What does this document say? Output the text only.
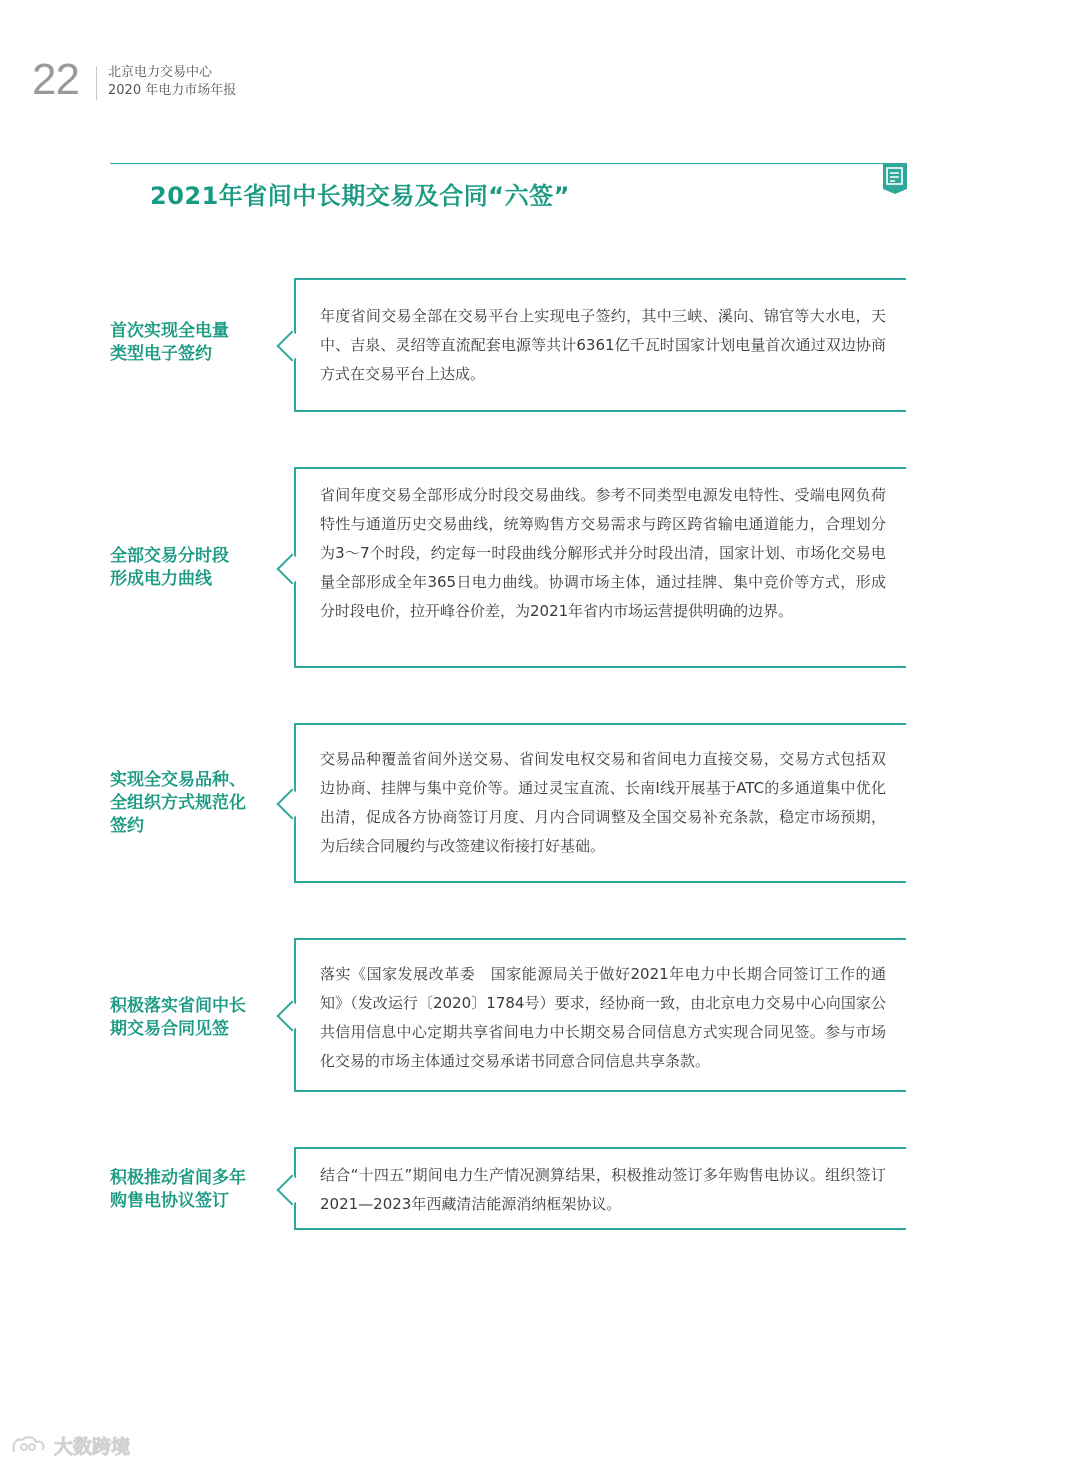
22 北京电力交易中心
2020 年电力市场年报
2021年省间中长期交易及合同“六签”
首次实现全电量
类型电子签约
年度省间交易全部在交易平台上实现电子签约，其中三峡、溪向、锦官等大水电，天中、吉泉、灵绍等直流配套电源等共计6361亿千瓦时国家计划电量首次通过双边协商方式在交易平台上达成。
全部交易分时段
形成电力曲线
省间年度交易全部形成分时段交易曲线。参考不同类型电源发电特性、受端电网负荷特性与通道历史交易曲线，统筹购售方交易需求与跨区跨省输电通道能力，合理划分为3～7个时段，约定每一时段曲线分解形式并分时段出清，国家计划、市场化交易电量全部形成全年365日电力曲线。协调市场主体，通过挂牌、集中竞价等方式，形成分时段电价，拉开峰谷价差，为2021年省内市场运营提供明确的边界。
实现全交易品种、
全组织方式规范化
签约
交易品种覆盖省间外送交易、省间发电权交易和省间电力直接交易，交易方式包括双边协商、挂牌与集中竞价等。通过灵宝直流、长南I线开展基于ATC的多通道集中优化出清，促成各方协商签订月度、月内合同调整及全国交易补充条款，稳定市场预期，为后续合同履约与改签建议衔接打好基础。
积极落实省间中长
期交易合同见签
落实《国家发展改革委　国家能源局关于做好2021年电力中长期合同签订工作的通知》（发改运行〔2020〕1784号）要求，经协商一致，由北京电力交易中心向国家公共信用信息中心定期共享省间电力中长期交易合同信息方式实现合同见签。参与市场化交易的市场主体通过交易承诺书同意合同信息共享条款。
积极推动省间多年
购售电协议签订
结合“十四五”期间电力生产情况测算结果，积极推动签订多年购售电协议。组织签订2021—2023年西藏清洁能源消纳框架协议。
大数跨境
